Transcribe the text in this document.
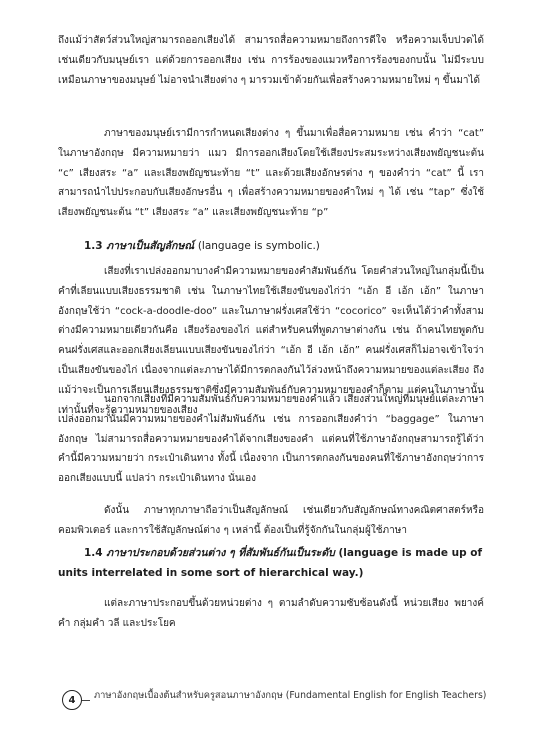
ถึงแม้ว่าสัตว์ส่วนใหญ่สามารถออกเสียงได้ สามารถสื่อความหมายถึงการดีใจ หรือความเจ็บปวดได้เช่นเดียวกับมนุษย์เรา แต่ด้วยการออกเสียง เช่น การร้องของแมวหรือการร้องของกบนั้น ไม่มีระบบเหมือนภาษาของมนุษย์ ไม่อาจนำเสียงต่าง ๆ มารวมเข้าด้วยกันเพื่อสร้างความหมายใหม่ ๆ ขึ้นมาได้

ภาษาของมนุษย์เรามีการกำหนดเสียงต่าง ๆ ขึ้นมาเพื่อสื่อความหมาย เช่น คำว่า “cat” ในภาษาอังกฤษ มีความหมายว่า แมว มีการออกเสียงโดยใช้เสียงประสมระหว่างเสียงพยัญชนะต้น “c” เสียงสระ “a” และเสียงพยัญชนะท้าย “t” และด้วยเสียงอักษรต่าง ๆ ของคำว่า “cat” นี้ เราสามารถนำไปประกอบกับเสียงอักษรอื่น ๆ เพื่อสร้างความหมายของคำใหม่ ๆ ได้ เช่น “tap” ซึ่งใช้เสียงพยัญชนะต้น “t” เสียงสระ “a” และเสียงพยัญชนะท้าย “p”

1.3 ภาษาเป็นสัญลักษณ์ (language is symbolic.)

เสียงที่เราเปล่งออกมาบางคำมีความหมายของคำสัมพันธ์กัน โดยคำส่วนใหญ่ในกลุ่มนี้เป็นคำที่เลียนแบบเสียงธรรมชาติ เช่น ในภาษาไทยใช้เสียงขันของไก่ว่า “เอ้ก อี เอ้ก เอ้ก” ในภาษาอังกฤษใช้ว่า “cock-a-doodle-doo” และในภาษาฝรั่งเศสใช้ว่า “cocorico” จะเห็นได้ว่าคำทั้งสามต่างมีความหมายเดียวกันคือ เสียงร้องของไก่ แต่สำหรับคนที่พูดภาษาต่างกัน เช่น ถ้าคนไทยพูดกับคนฝรั่งเศสและออกเสียงเลียนแบบเสียงขันของไก่ว่า “เอ้ก อี เอ้ก เอ้ก” คนฝรั่งเศสก็ไม่อาจเข้าใจว่าเป็นเสียงขันของไก่ เนื่องจากแต่ละภาษาได้มีการตกลงกันไว้ล่วงหน้าถึงความหมายของแต่ละเสียง ถึงแม้ว่าจะเป็นการเลียนเสียงธรรมชาติซึ่งมีความสัมพันธ์กับความหมายของคำก็ตาม แต่คนในภาษานั้นเท่านั้นที่จะรู้ความหมายของเสียง

นอกจากเสียงที่มีความสัมพันธ์กับความหมายของคำแล้ว เสียงส่วนใหญ่ที่มนุษย์แต่ละภาษาเปล่งออกมานั้นมีความหมายของคำไม่สัมพันธ์กัน เช่น การออกเสียงคำว่า “baggage” ในภาษาอังกฤษ ไม่สามารถสื่อความหมายของคำได้จากเสียงของคำ แต่คนที่ใช้ภาษาอังกฤษสามารถรู้ได้ว่าคำนี้มีความหมายว่า กระเป๋าเดินทาง ทั้งนี้ เนื่องจาก เป็นการตกลงกันของคนที่ใช้ภาษาอังกฤษว่าการออกเสียงแบบนี้ แปลว่า กระเป๋าเดินทาง นั่นเอง

ดังนั้น ภาษาทุกภาษาถือว่าเป็นสัญลักษณ์ เช่นเดียวกับสัญลักษณ์ทางคณิตศาสตร์หรือคอมพิวเตอร์ และการใช้สัญลักษณ์ต่าง ๆ เหล่านี้ ต้องเป็นที่รู้จักกันในกลุ่มผู้ใช้ภาษา

1.4 ภาษาประกอบด้วยส่วนต่าง ๆ ที่สัมพันธ์กันเป็นระดับ (language is made up of units interrelated in some sort of hierarchical way.)

แต่ละภาษาประกอบขึ้นด้วยหน่วยต่าง ๆ ตามลำดับความซับซ้อนดังนี้ หน่วยเสียง พยางค์ คำ กลุ่มคำ วลี และประโยค

4	ภาษาอังกฤษเบื้องต้นสำหรับครูสอนภาษาอังกฤษ (Fundamental English for English Teachers)
